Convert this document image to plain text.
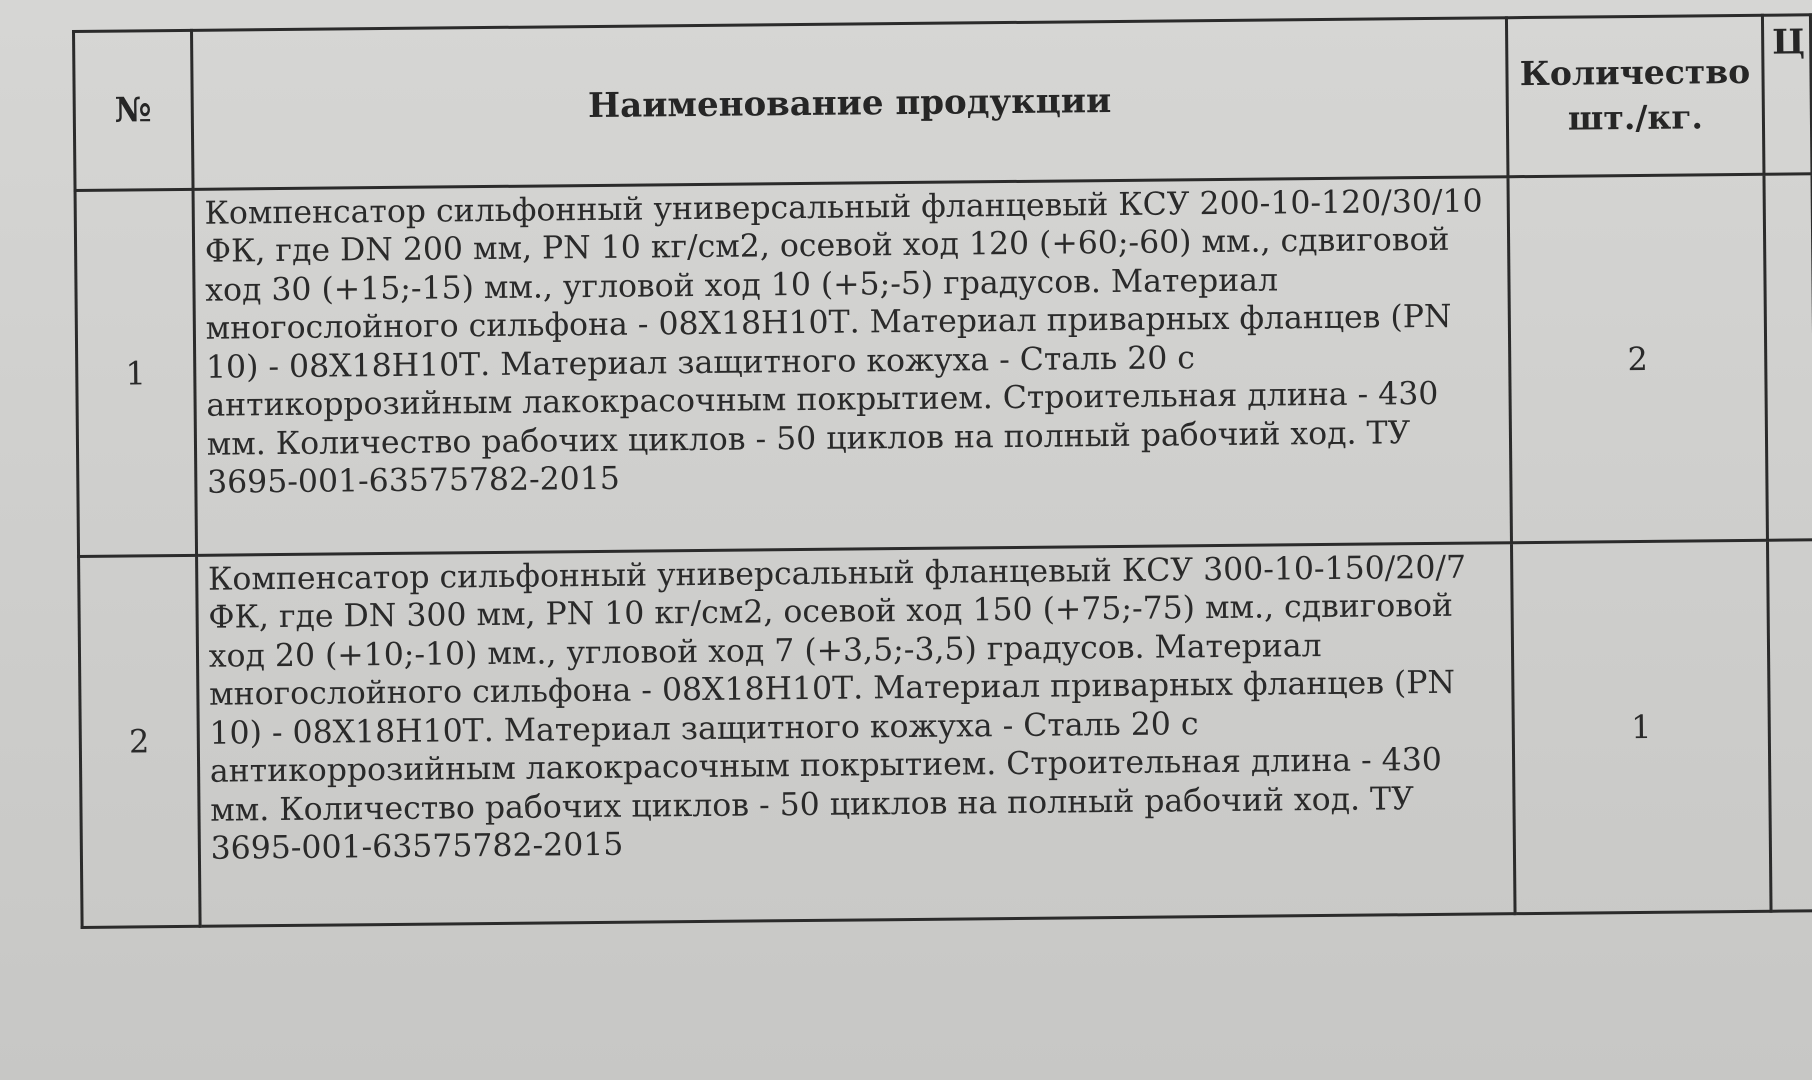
№	Наименование продукции	Количество шт./кг.	Ц
1	Компенсатор сильфонный универсальный фланцевый КСУ 200-10-120/30/10 ФК, где DN 200 мм, PN 10 кг/см2, осевой ход 120 (+60;-60) мм., сдвиговой ход 30 (+15;-15) мм., угловой ход 10 (+5;-5) градусов. Материал многослойного сильфона - 08Х18Н10Т. Материал приварных фланцев (PN 10) - 08Х18Н10Т. Материал защитного кожуха - Сталь 20 с антикоррозийным лакокрасочным покрытием. Строительная длина - 430 мм. Количество рабочих циклов - 50 циклов на полный рабочий ход. ТУ 3695-001-63575782-2015	2	
2	Компенсатор сильфонный универсальный фланцевый КСУ 300-10-150/20/7 ФК, где DN 300 мм, PN 10 кг/см2, осевой ход 150 (+75;-75) мм., сдвиговой ход 20 (+10;-10) мм., угловой ход 7 (+3,5;-3,5) градусов. Материал многослойного сильфона - 08Х18Н10Т. Материал приварных фланцев (PN 10) - 08Х18Н10Т. Материал защитного кожуха - Сталь 20 с антикоррозийным лакокрасочным покрытием. Строительная длина - 430 мм. Количество рабочих циклов - 50 циклов на полный рабочий ход. ТУ 3695-001-63575782-2015	1	
